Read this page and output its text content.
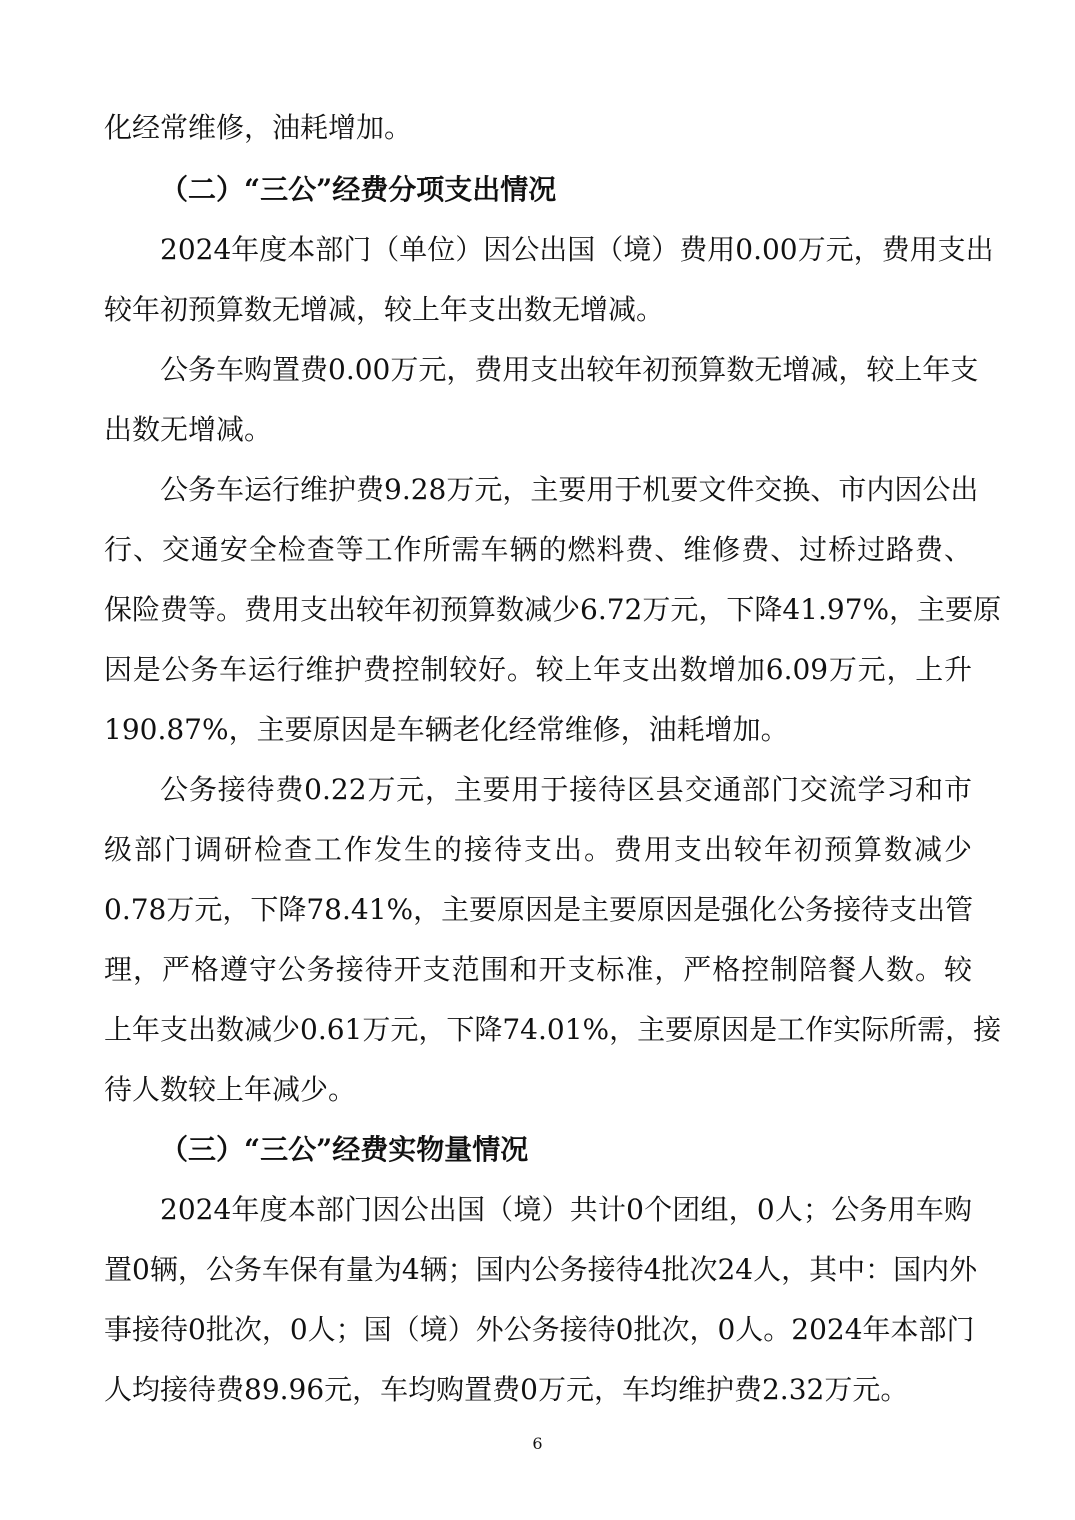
化经常维修，油耗增加。

（二）“三公”经费分项支出情况

2024年度本部门（单位）因公出国（境）费用0.00万元，费用支出

较年初预算数无增减，较上年支出数无增减。

公务车购置费0.00万元，费用支出较年初预算数无增减，较上年支

出数无增减。

公务车运行维护费9.28万元，主要用于机要文件交换、市内因公出

行、交通安全检查等工作所需车辆的燃料费、维修费、过桥过路费、

保险费等。费用支出较年初预算数减少6.72万元，下降41.97%，主要原

因是公务车运行维护费控制较好。较上年支出数增加6.09万元，上升

190.87%，主要原因是车辆老化经常维修，油耗增加。

公务接待费0.22万元，主要用于接待区县交通部门交流学习和市

级部门调研检查工作发生的接待支出。费用支出较年初预算数减少

0.78万元，下降78.41%，主要原因是主要原因是强化公务接待支出管

理，严格遵守公务接待开支范围和开支标准，严格控制陪餐人数。较

上年支出数减少0.61万元，下降74.01%，主要原因是工作实际所需，接

待人数较上年减少。

（三）“三公”经费实物量情况

2024年度本部门因公出国（境）共计0个团组，0人；公务用车购

置0辆，公务车保有量为4辆；国内公务接待4批次24人，其中：国内外

事接待0批次，0人；国（境）外公务接待0批次，0人。2024年本部门

人均接待费89.96元，车均购置费0万元，车均维护费2.32万元。

6
